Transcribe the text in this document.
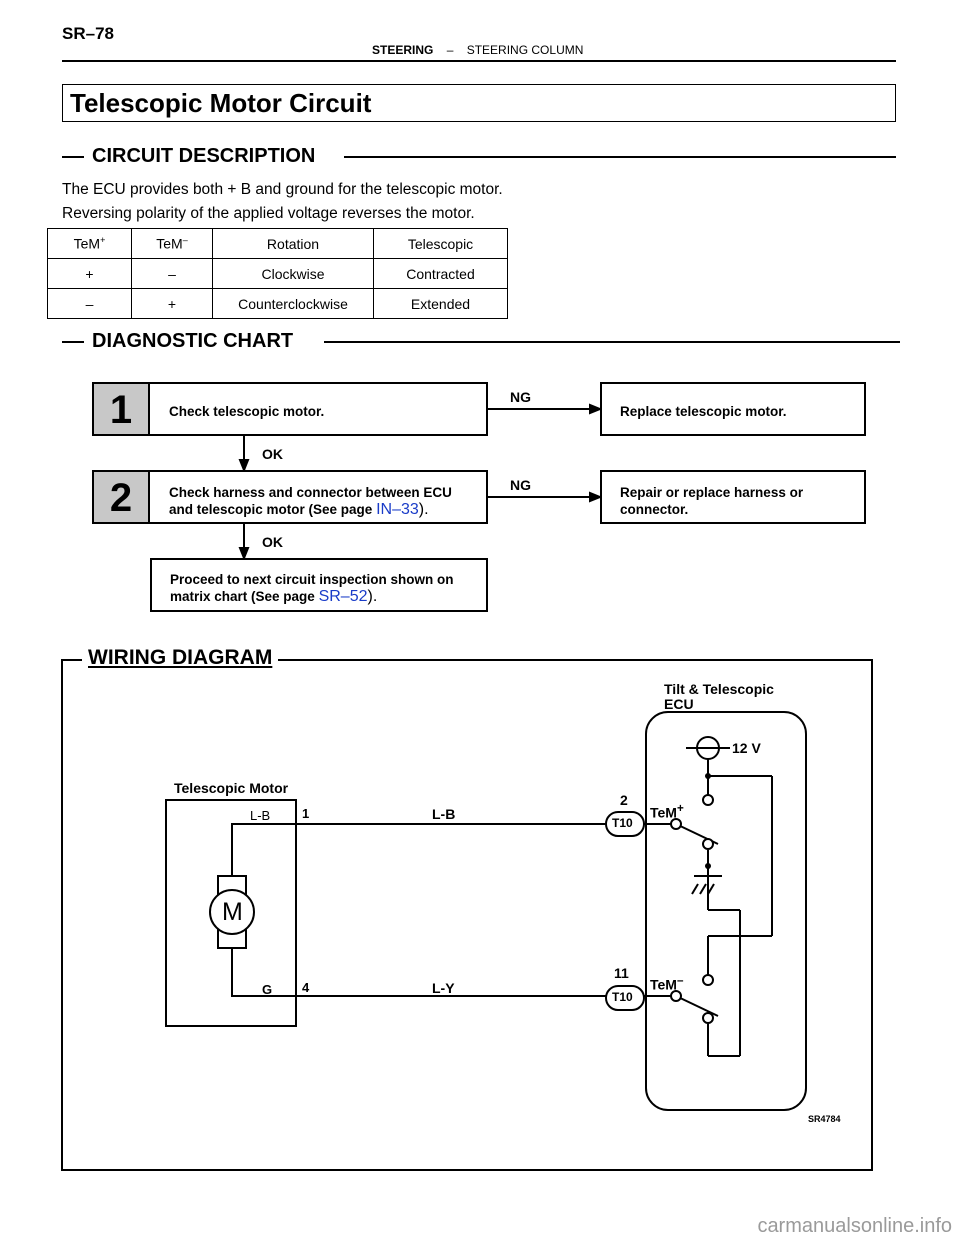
SR–78
STEERING – STEERING COLUMN
Telescopic Motor Circuit
CIRCUIT DESCRIPTION
The ECU provides both + B and ground for the telescopic motor.
Reversing polarity of the applied voltage reverses the motor.
TeM+	TeM–	Rotation	Telescopic
+	–	Clockwise	Contracted
–	+	Counterclockwise	Extended
DIAGNOSTIC CHART
1	Check telescopic motor.
2	Check harness and connector between ECU
and telescopic motor (See page IN–33).
Proceed to next circuit inspection shown on
matrix chart (See page SR–52).
Replace telescopic motor.
Repair or replace harness or
connector.
NG
NG
OK
OK
WIRING DIAGRAM
Tilt & Telescopic
ECU
12 V
Telescopic Motor
M
L-B 1
G 4
L-B
L-Y
2
11
T10
T10
TeM+
TeM–
SR4784
carmanualsonline.info
